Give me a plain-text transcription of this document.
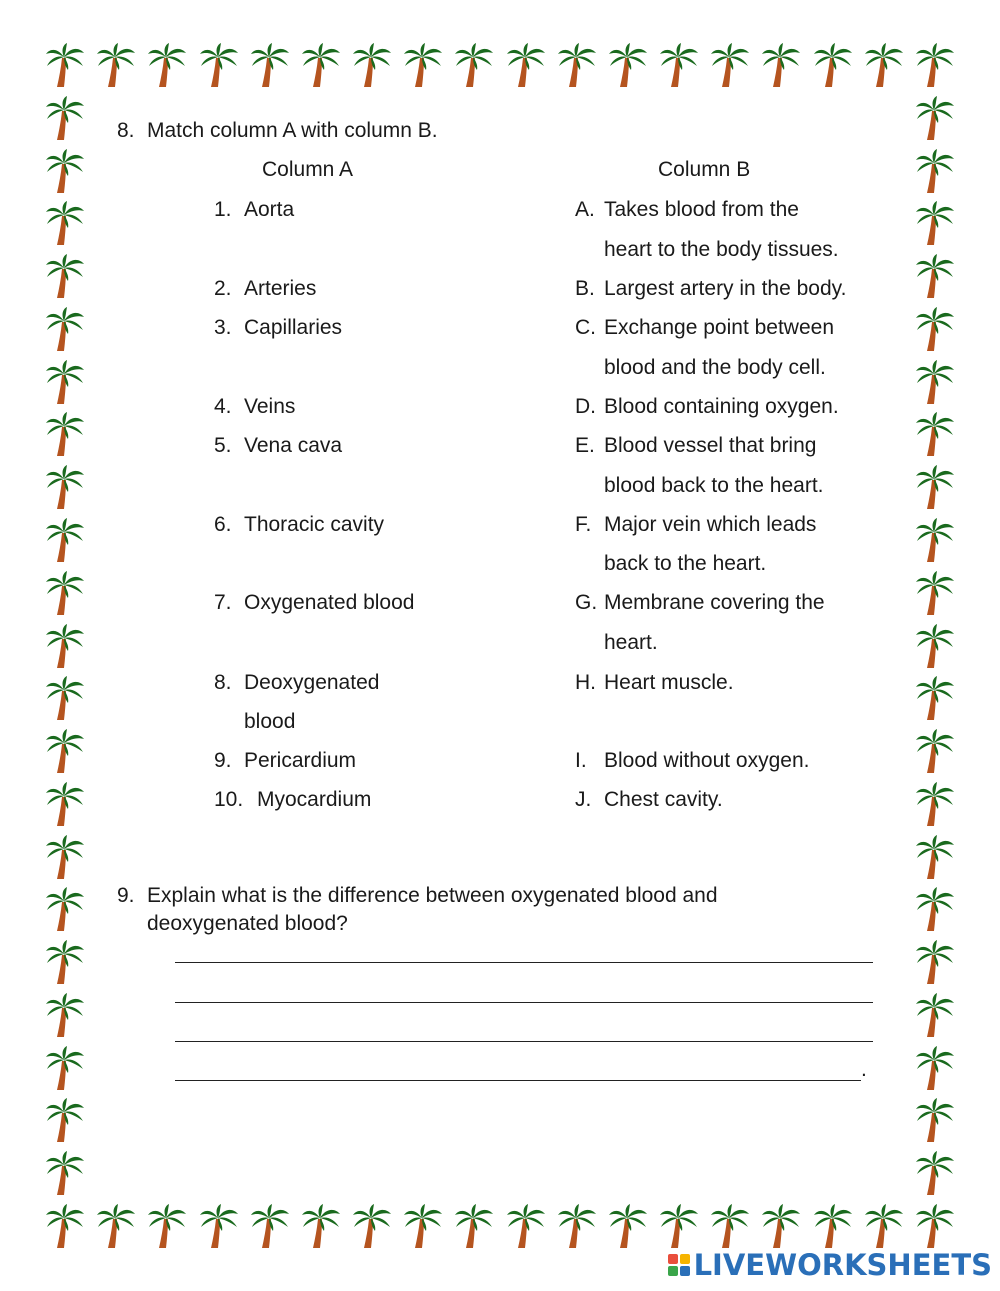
8. Match column A with column B.
Column A	Column B
1. Aorta
2. Arteries
3. Capillaries
4. Veins
5. Vena cava
6. Thoracic cavity
7. Oxygenated blood
8. Deoxygenated
blood
9. Pericardium
10. Myocardium
A. Takes blood from the
heart to the body tissues.
B. Largest artery in the body.
C. Exchange point between
blood and the body cell.
D. Blood containing oxygen.
E. Blood vessel that bring
blood back to the heart.
F. Major vein which leads
back to the heart.
G. Membrane covering the
heart.
H. Heart muscle.
I. Blood without oxygen.
J. Chest cavity.
9. Explain what is the difference between oxygenated blood and
deoxygenated blood?
.
LIVEWORKSHEETS
